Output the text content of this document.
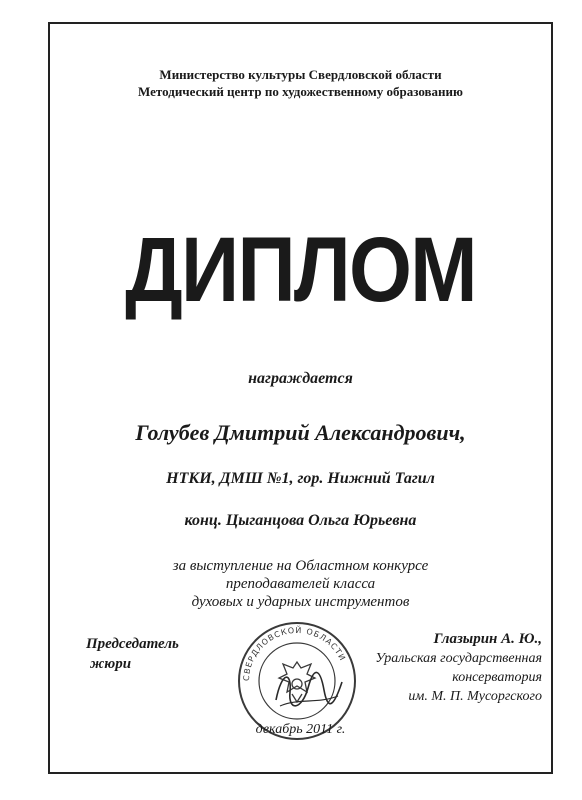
Министерство культуры Свердловской области
Методический центр по художественному образованию
ДИПЛОМ
награждается
Голубев Дмитрий Александрович,
НТКИ, ДМШ №1, гор. Нижний Тагил
конц. Цыганцова Ольга Юрьевна
за выступление на Областном конкурсе
преподавателей класса
духовых и ударных инструментов
Председатель
жюри
СВЕРДЛОВСКОЙ ОБЛАСТИ
Глазырин А. Ю.,
Уральская государственная
консерватория
им. М. П. Мусоргского
декабрь 2011 г.
